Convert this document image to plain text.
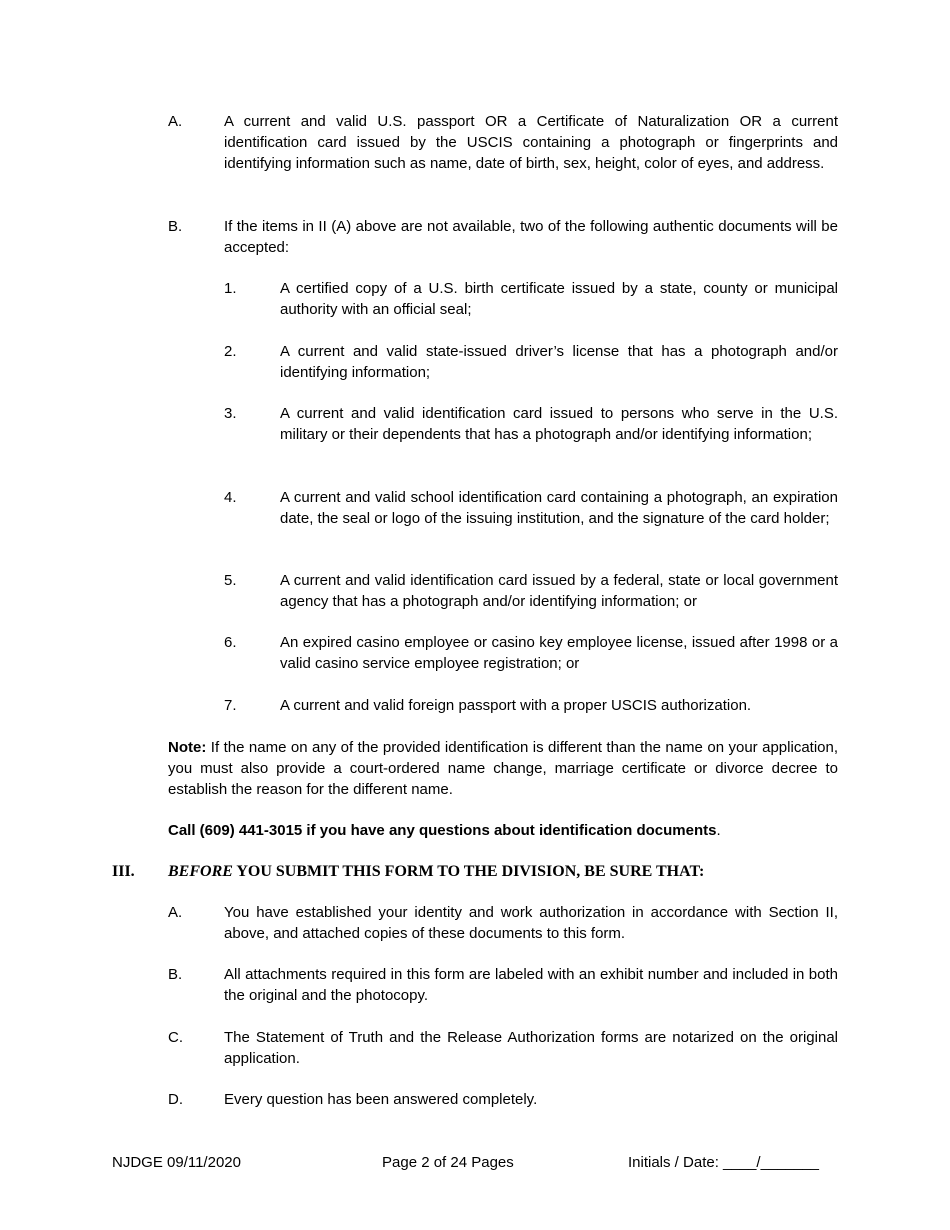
A.	A current and valid U.S. passport OR a Certificate of Naturalization OR a current identification card issued by the USCIS containing a photograph or fingerprints and identifying information such as name, date of birth, sex, height, color of eyes, and address.
B.	If the items in II (A) above are not available, two of the following authentic documents will be accepted:
1.	A certified copy of a U.S. birth certificate issued by a state, county or municipal authority with an official seal;
2.	A current and valid state-issued driver’s license that has a photograph and/or identifying information;
3.	A current and valid identification card issued to persons who serve in the U.S. military or their dependents that has a photograph and/or identifying information;
4.	A current and valid school identification card containing a photograph, an expiration date, the seal or logo of the issuing institution, and the signature of the card holder;
5.	A current and valid identification card issued by a federal, state or local government agency that has a photograph and/or identifying information; or
6.	An expired casino employee or casino key employee license, issued after 1998 or a valid casino service employee registration; or
7.	A current and valid foreign passport with a proper USCIS authorization.
Note: If the name on any of the provided identification is different than the name on your application, you must also provide a court-ordered name change, marriage certificate or divorce decree to establish the reason for the different name.
Call (609) 441-3015 if you have any questions about identification documents.
III. BEFORE YOU SUBMIT THIS FORM TO THE DIVISION, BE SURE THAT:
A.	You have established your identity and work authorization in accordance with Section II, above, and attached copies of these documents to this form.
B.	All attachments required in this form are labeled with an exhibit number and included in both the original and the photocopy.
C.	The Statement of Truth and the Release Authorization forms are notarized on the original application.
D.	Every question has been answered completely.
NJDGE 09/11/2020	Page 2 of 24 Pages	Initials / Date: ____/_______
